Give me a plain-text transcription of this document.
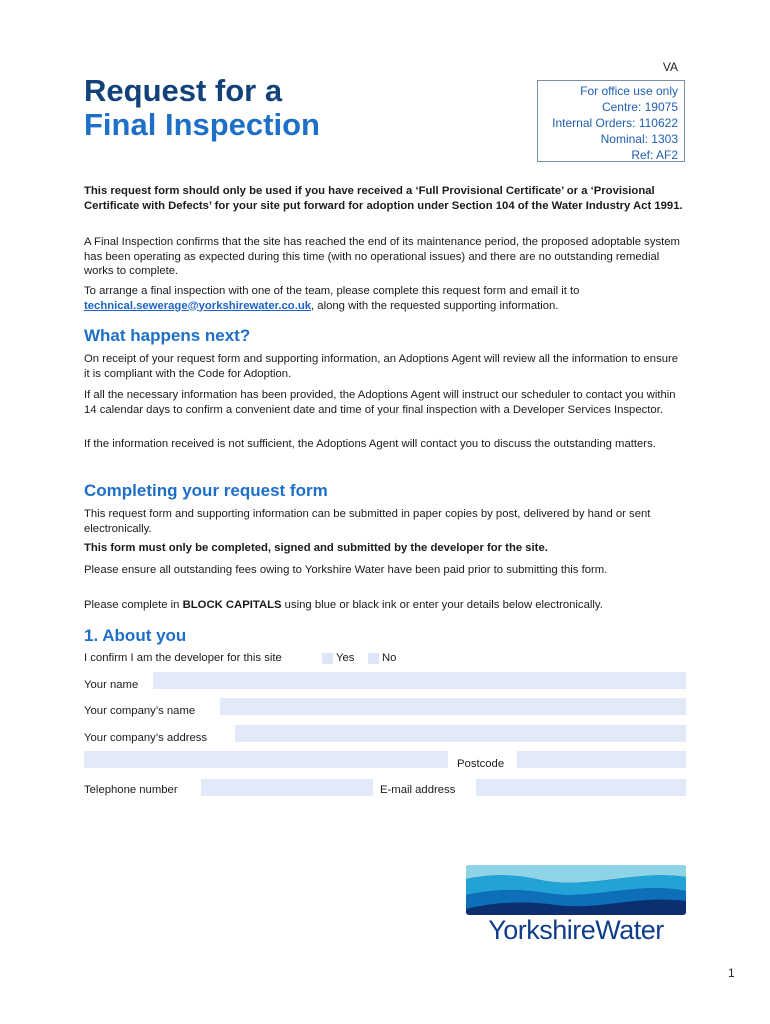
VA
Request for a
Final Inspection
For office use only
Centre: 19075
Internal Orders: 110622
Nominal: 1303
Ref: AF2
This request form should only be used if you have received a ‘Full Provisional Certificate’ or a ‘Provisional Certificate with Defects’ for your site put forward for adoption under Section 104 of the Water Industry Act 1991.
A Final Inspection confirms that the site has reached the end of its maintenance period, the proposed adoptable system has been operating as expected during this time (with no operational issues) and there are no outstanding remedial works to complete.
To arrange a final inspection with one of the team, please complete this request form and email it to technical.sewerage@yorkshirewater.co.uk, along with the requested supporting information.
What happens next?
On receipt of your request form and supporting information, an Adoptions Agent will review all the information to ensure it is compliant with the Code for Adoption.
If all the necessary information has been provided, the Adoptions Agent will instruct our scheduler to contact you within 14 calendar days to confirm a convenient date and time of your final inspection with a Developer Services Inspector.
If the information received is not sufficient, the Adoptions Agent will contact you to discuss the outstanding matters.
Completing your request form
This request form and supporting information can be submitted in paper copies by post, delivered by hand or sent electronically.
This form must only be completed, signed and submitted by the developer for the site.
Please ensure all outstanding fees owing to Yorkshire Water have been paid prior to submitting this form.
Please complete in BLOCK CAPITALS using blue or black ink or enter your details below electronically.
1. About you
I confirm I am the developer for this site	Yes No
Your name
Your company’s name
Your company’s address
Postcode
Telephone number	E-mail address
YorkshireWater
1
